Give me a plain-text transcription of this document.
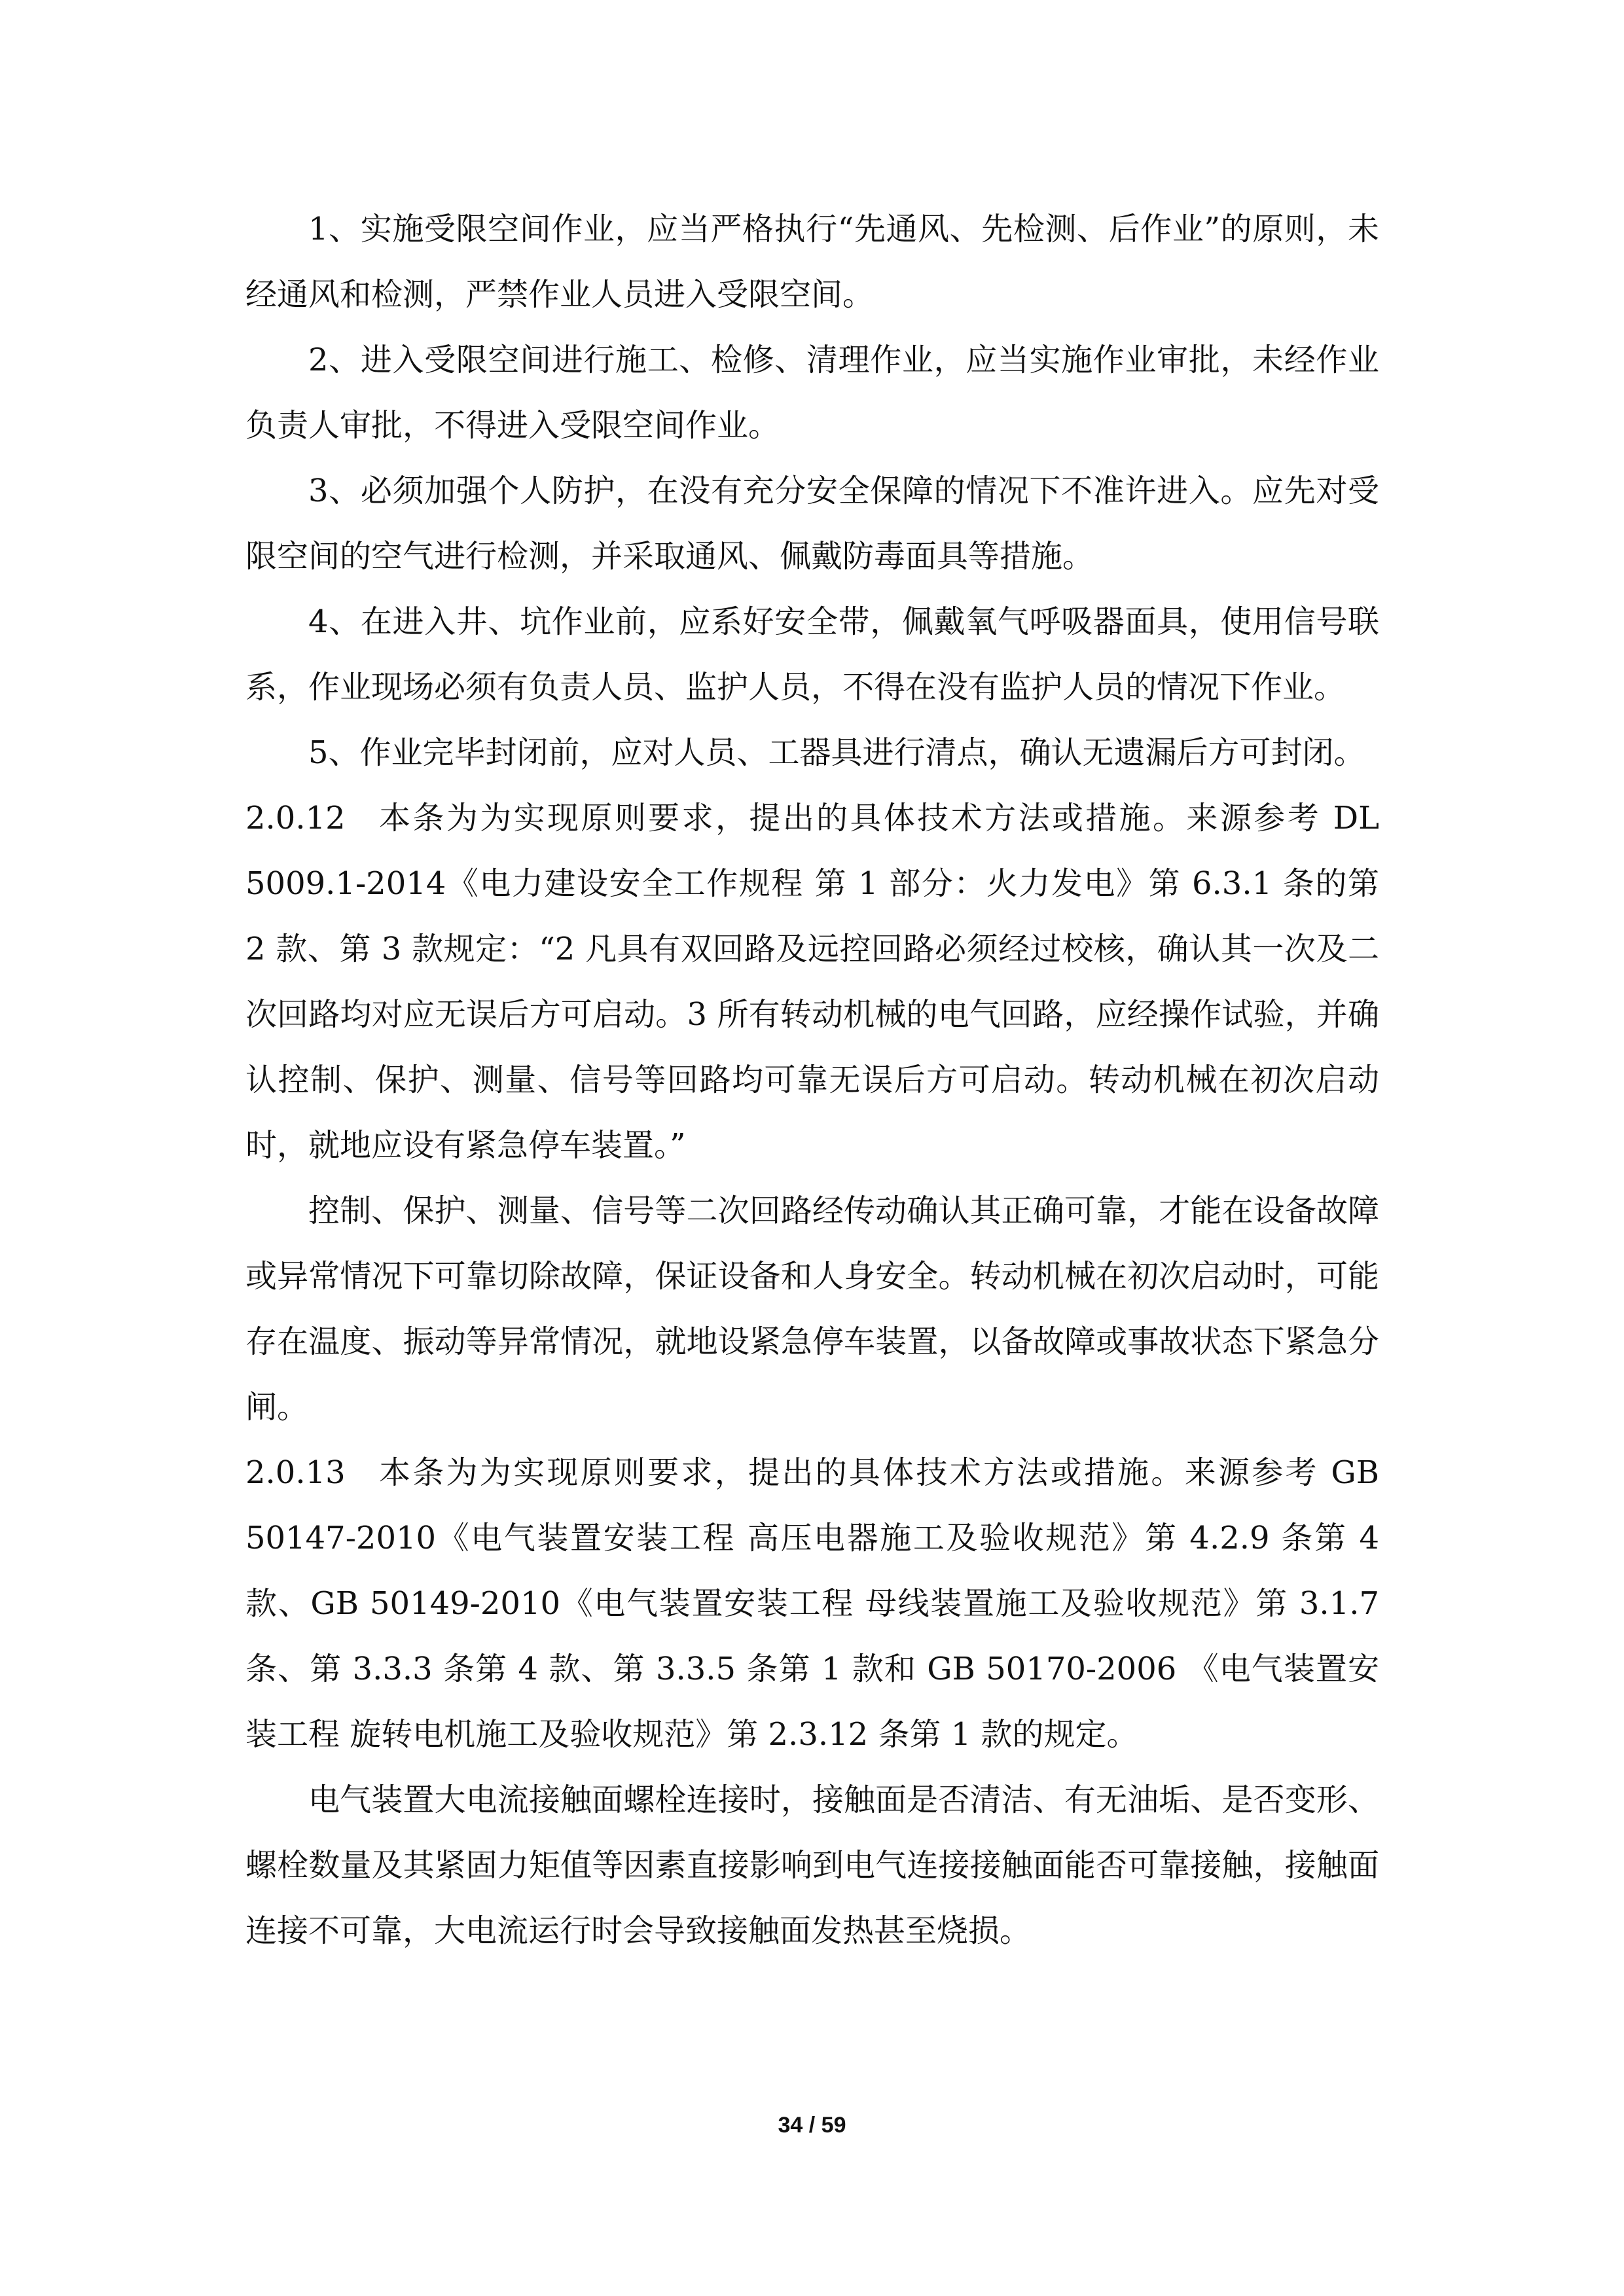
1、实施受限空间作业，应当严格执行“先通风、先检测、后作业”的原则，未经通风和检测，严禁作业人员进入受限空间。

2、进入受限空间进行施工、检修、清理作业，应当实施作业审批，未经作业负责人审批，不得进入受限空间作业。

3、必须加强个人防护，在没有充分安全保障的情况下不准许进入。应先对受限空间的空气进行检测，并采取通风、佩戴防毒面具等措施。

4、在进入井、坑作业前，应系好安全带，佩戴氧气呼吸器面具，使用信号联系，作业现场必须有负责人员、监护人员，不得在没有监护人员的情况下作业。

5、作业完毕封闭前，应对人员、工器具进行清点，确认无遗漏后方可封闭。

2.0.12 本条为为实现原则要求，提出的具体技术方法或措施。来源参考 DL 5009.1-2014《电力建设安全工作规程 第 1 部分：火力发电》第 6.3.1 条的第 2 款、第 3 款规定：“2 凡具有双回路及远控回路必须经过校核，确认其一次及二次回路均对应无误后方可启动。3 所有转动机械的电气回路，应经操作试验，并确认控制、保护、测量、信号等回路均可靠无误后方可启动。转动机械在初次启动时，就地应设有紧急停车装置。”

控制、保护、测量、信号等二次回路经传动确认其正确可靠，才能在设备故障或异常情况下可靠切除故障，保证设备和人身安全。转动机械在初次启动时，可能存在温度、振动等异常情况，就地设紧急停车装置，以备故障或事故状态下紧急分闸。

2.0.13 本条为为实现原则要求，提出的具体技术方法或措施。来源参考 GB 50147-2010《电气装置安装工程 高压电器施工及验收规范》第 4.2.9 条第 4 款、GB 50149-2010《电气装置安装工程 母线装置施工及验收规范》第 3.1.7 条、第 3.3.3 条第 4 款、第 3.3.5 条第 1 款和 GB 50170-2006 《电气装置安装工程 旋转电机施工及验收规范》第 2.3.12 条第 1 款的规定。

电气装置大电流接触面螺栓连接时，接触面是否清洁、有无油垢、是否变形、螺栓数量及其紧固力矩值等因素直接影响到电气连接接触面能否可靠接触，接触面连接不可靠，大电流运行时会导致接触面发热甚至烧损。

34 / 59
